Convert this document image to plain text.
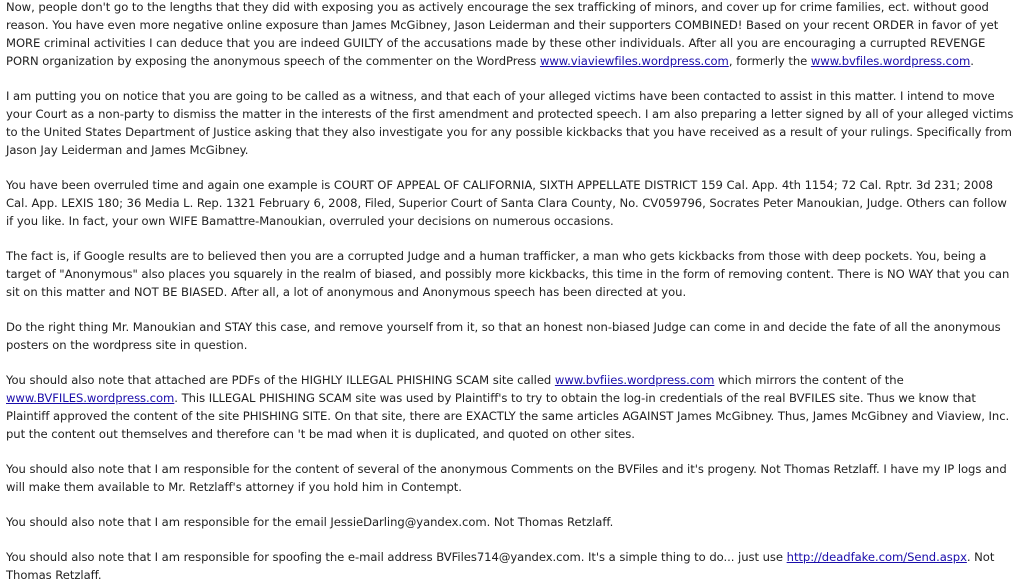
Now, people don't go to the lengths that they did with exposing you as actively encourage the sex trafficking of minors, and cover up for crime families, ect. without good reason. You have even more negative online exposure than James McGibney, Jason Leiderman and their supporters COMBINED! Based on your recent ORDER in favor of yet MORE criminal activities I can deduce that you are indeed GUILTY of the accusations made by these other individuals. After all you are encouraging a currupted REVENGE PORN organization by exposing the anonymous speech of the commenter on the WordPress www.viaviewfiles.wordpress.com, formerly the www.bvfiles.wordpress.com.

I am putting you on notice that you are going to be called as a witness, and that each of your alleged victims have been contacted to assist in this matter. I intend to move your Court as a non-party to dismiss the matter in the interests of the first amendment and protected speech. I am also preparing a letter signed by all of your alleged victims to the United States Department of Justice asking that they also investigate you for any possible kickbacks that you have received as a result of your rulings. Specifically from Jason Jay Leiderman and James McGibney.

You have been overruled time and again one example is COURT OF APPEAL OF CALIFORNIA, SIXTH APPELLATE DISTRICT 159 Cal. App. 4th 1154; 72 Cal. Rptr. 3d 231; 2008 Cal. App. LEXIS 180; 36 Media L. Rep. 1321 February 6, 2008, Filed, Superior Court of Santa Clara County, No. CV059796, Socrates Peter Manoukian, Judge. Others can follow if you like. In fact, your own WIFE Bamattre-Manoukian, overruled your decisions on numerous occasions.

The fact is, if Google results are to believed then you are a corrupted Judge and a human trafficker, a man who gets kickbacks from those with deep pockets. You, being a target of "Anonymous" also places you squarely in the realm of biased, and possibly more kickbacks, this time in the form of removing content. There is NO WAY that you can sit on this matter and NOT BE BIASED. After all, a lot of anonymous and Anonymous speech has been directed at you.

Do the right thing Mr. Manoukian and STAY this case, and remove yourself from it, so that an honest non-biased Judge can come in and decide the fate of all the anonymous posters on the wordpress site in question.

You should also note that attached are PDFs of the HIGHLY ILLEGAL PHISHING SCAM site called www.bvfiies.wordpress.com which mirrors the content of the www.BVFILES.wordpress.com. This ILLEGAL PHISHING SCAM site was used by Plaintiff's to try to obtain the log-in credentials of the real BVFILES site. Thus we know that Plaintiff approved the content of the site PHISHING SITE. On that site, there are EXACTLY the same articles AGAINST James McGibney. Thus, James McGibney and Viaview, Inc. put the content out themselves and therefore can 't be mad when it is duplicated, and quoted on other sites.

You should also note that I am responsible for the content of several of the anonymous Comments on the BVFiles and it's progeny. Not Thomas Retzlaff. I have my IP logs and will make them available to Mr. Retzlaff's attorney if you hold him in Contempt.

You should also note that I am responsible for the email JessieDarling@yandex.com. Not Thomas Retzlaff.

You should also note that I am responsible for spoofing the e-mail address BVFiles714@yandex.com. It's a simple thing to do... just use http://deadfake.com/Send.aspx. Not Thomas Retzlaff.
